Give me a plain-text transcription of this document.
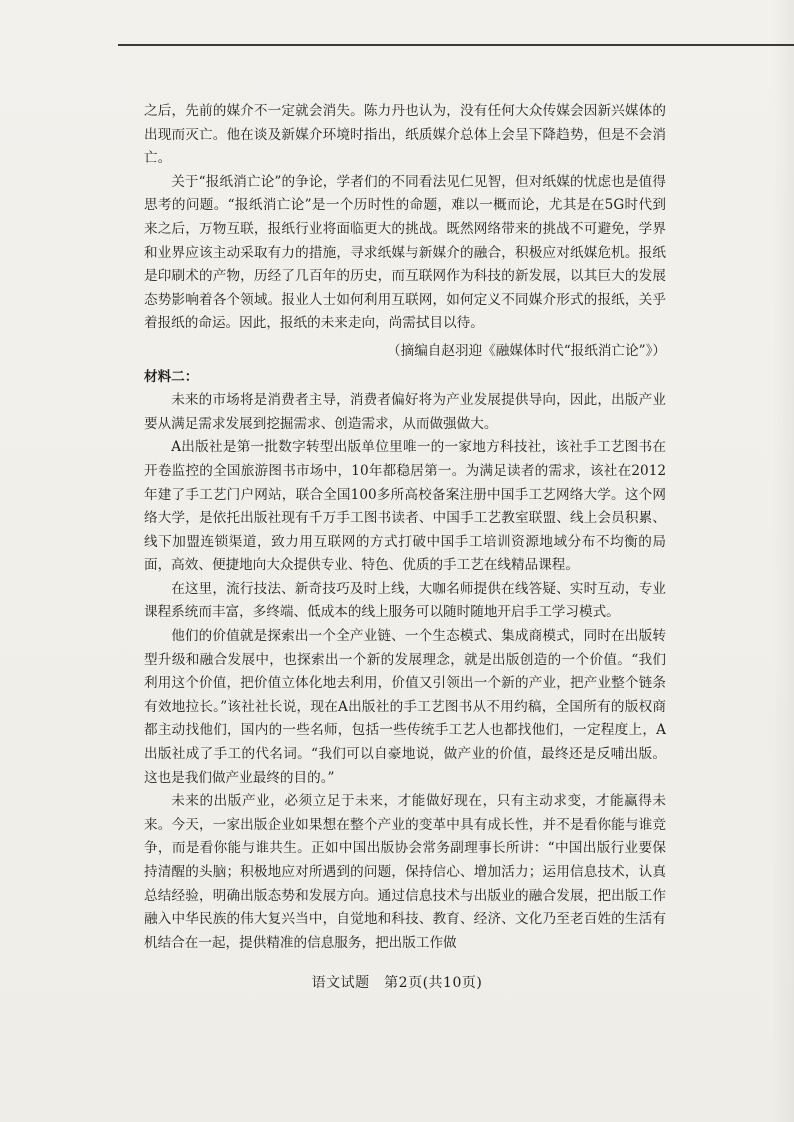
之后，先前的媒介不一定就会消失。陈力丹也认为，没有任何大众传媒会因新兴媒体的出现而灭亡。他在谈及新媒介环境时指出，纸质媒介总体上会呈下降趋势，但是不会消亡。

关于“报纸消亡论”的争论，学者们的不同看法见仁见智，但对纸媒的忧虑也是值得思考的问题。“报纸消亡论”是一个历时性的命题，难以一概而论，尤其是在5G时代到来之后，万物互联，报纸行业将面临更大的挑战。既然网络带来的挑战不可避免，学界和业界应该主动采取有力的措施，寻求纸媒与新媒介的融合，积极应对纸媒危机。报纸是印刷术的产物，历经了几百年的历史，而互联网作为科技的新发展，以其巨大的发展态势影响着各个领域。报业人士如何利用互联网，如何定义不同媒介形式的报纸，关乎着报纸的命运。因此，报纸的未来走向，尚需拭目以待。

（摘编自赵羽迎《融媒体时代“报纸消亡论”》）

材料二：

未来的市场将是消费者主导，消费者偏好将为产业发展提供导向，因此，出版产业要从满足需求发展到挖掘需求、创造需求，从而做强做大。

A出版社是第一批数字转型出版单位里唯一的一家地方科技社，该社手工艺图书在开卷监控的全国旅游图书市场中，10年都稳居第一。为满足读者的需求，该社在2012年建了手工艺门户网站，联合全国100多所高校备案注册中国手工艺网络大学。这个网络大学，是依托出版社现有千万手工图书读者、中国手工艺教室联盟、线上会员积累、线下加盟连锁渠道，致力用互联网的方式打破中国手工培训资源地域分布不均衡的局面，高效、便捷地向大众提供专业、特色、优质的手工艺在线精品课程。

在这里，流行技法、新奇技巧及时上线，大咖名师提供在线答疑、实时互动，专业课程系统而丰富，多终端、低成本的线上服务可以随时随地开启手工学习模式。

他们的价值就是探索出一个全产业链、一个生态模式、集成商模式，同时在出版转型升级和融合发展中，也探索出一个新的发展理念，就是出版创造的一个价值。“我们利用这个价值，把价值立体化地去利用，价值又引领出一个新的产业，把产业整个链条有效地拉长。”该社社长说，现在A出版社的手工艺图书从不用约稿，全国所有的版权商都主动找他们，国内的一些名师，包括一些传统手工艺人也都找他们，一定程度上，A出版社成了手工的代名词。“我们可以自豪地说，做产业的价值，最终还是反哺出版。这也是我们做产业最终的目的。”

未来的出版产业，必须立足于未来，才能做好现在，只有主动求变，才能赢得未来。今天，一家出版企业如果想在整个产业的变革中具有成长性，并不是看你能与谁竞争，而是看你能与谁共生。正如中国出版协会常务副理事长所讲：“中国出版行业要保持清醒的头脑；积极地应对所遇到的问题，保持信心、增加活力；运用信息技术，认真总结经验，明确出版态势和发展方向。通过信息技术与出版业的融合发展，把出版工作融入中华民族的伟大复兴当中，自觉地和科技、教育、经济、文化乃至老百姓的生活有机结合在一起，提供精准的信息服务，把出版工作做

语文试题　第2页(共10页)
